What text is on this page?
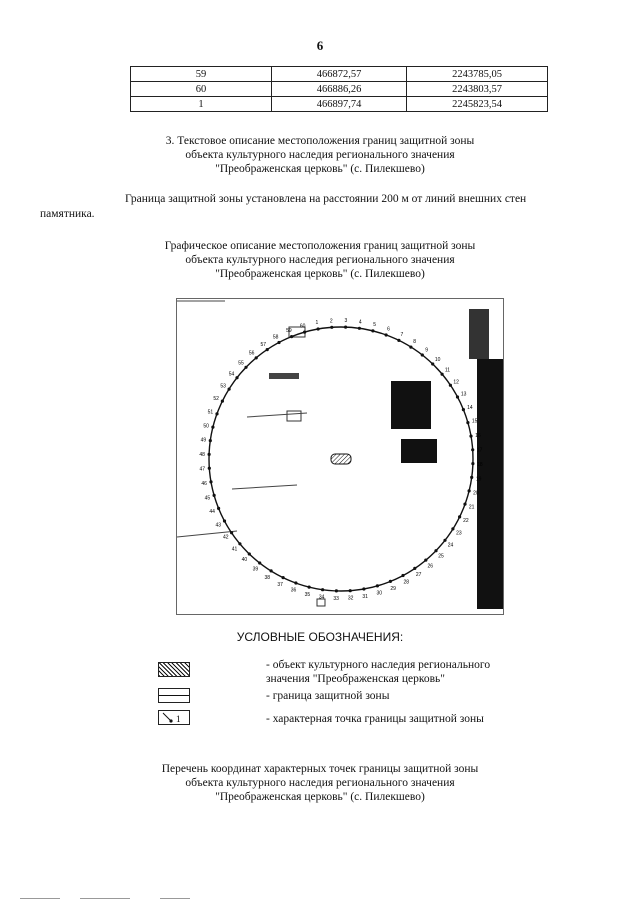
6
59	466872,57	2243785,05
60	466886,26	2243803,57
1	466897,74	2245823,54
3. Текстовое описание местоположения границ защитной зоны
объекта культурного наследия регионального значения
"Преображенская церковь" (с. Пилекшево)
Граница защитной зоны установлена на расстоянии 200 м от линий внешних стен
памятника.
Графическое описание местоположения границ защитной зоны
объекта культурного наследия регионального значения
"Преображенская церковь" (с. Пилекшево)
1 2 3 4 5
6
7
8
9
10
11
12
13
14
15
16
17
18
19
20
21
22
23
24
25
26
27
28
29
30
31
32
33
34
35
36
37
38
39
40
41
42
43
44
45
46
47
48
49
50
51
52
53
54
55
56
57
58
59
60
УСЛОВНЫЕ ОБОЗНАЧЕНИЯ:
- объект культурного наследия регионального
значения "Преображенская церковь"
- граница защитной зоны
1	- характерная точка границы защитной зоны
Перечень координат характерных точек границы защитной зоны
объекта культурного наследия регионального значения
"Преображенская церковь" (с. Пилекшево)
